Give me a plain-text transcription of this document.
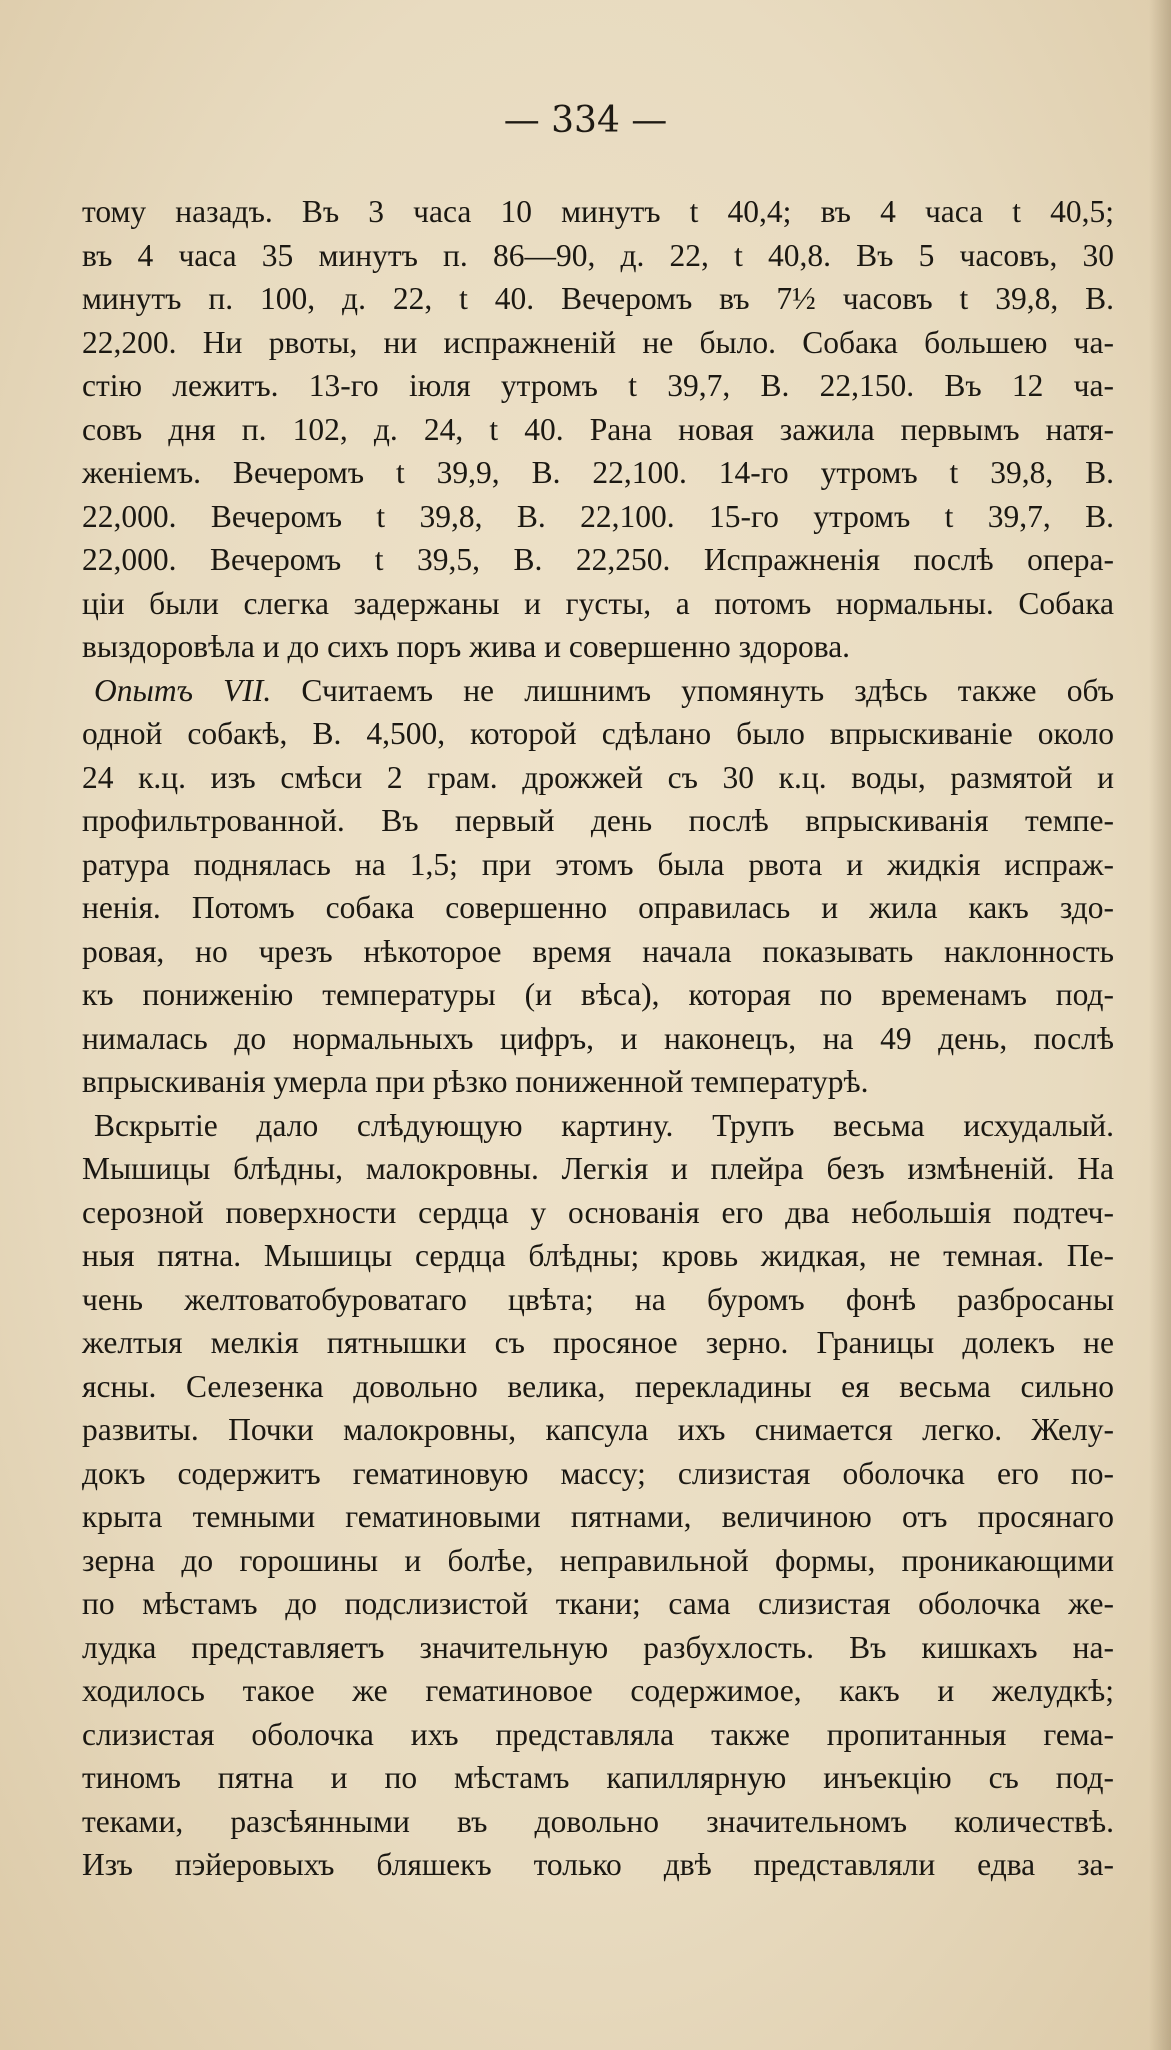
— 334 —
тому назадъ. Въ 3 часа 10 минутъ t 40,4; въ 4 часа t 40,5;
въ 4 часа 35 минутъ п. 86—90, д. 22, t 40,8. Въ 5 часовъ, 30
минутъ п. 100, д. 22, t 40. Вечеромъ въ 7½ часовъ t 39,8, В.
22,200. Ни рвоты, ни испражненій не было. Собака большею ча-
стію лежитъ. 13-го іюля утромъ t 39,7, В. 22,150. Въ 12 ча-
совъ дня п. 102, д. 24, t 40. Рана новая зажила первымъ натя-
женіемъ. Вечеромъ t 39,9, В. 22,100. 14-го утромъ t 39,8, В.
22,000. Вечеромъ t 39,8, В. 22,100. 15-го утромъ t 39,7, В.
22,000. Вечеромъ t 39,5, В. 22,250. Испражненія послѣ опера-
ціи были слегка задержаны и густы, а потомъ нормальны. Собака
выздоровѣла и до сихъ поръ жива и совершенно здорова.
Опытъ VII. Считаемъ не лишнимъ упомянуть здѣсь также объ
одной собакѣ, В. 4,500, которой сдѣлано было впрыскиваніе около
24 к.ц. изъ смѣси 2 грам. дрожжей съ 30 к.ц. воды, размятой и
профильтрованной. Въ первый день послѣ впрыскиванія темпе-
ратура поднялась на 1,5; при этомъ была рвота и жидкія испраж-
ненія. Потомъ собака совершенно оправилась и жила какъ здо-
ровая, но чрезъ нѣкоторое время начала показывать наклонность
къ пониженію температуры (и вѣса), которая по временамъ под-
нималась до нормальныхъ цифръ, и наконецъ, на 49 день, послѣ
впрыскиванія умерла при рѣзко пониженной температурѣ.
Вскрытіе дало слѣдующую картину. Трупъ весьма исхудалый.
Мышицы блѣдны, малокровны. Легкія и плейра безъ измѣненій. На
серозной поверхности сердца у основанія его два небольшія подтеч-
ныя пятна. Мышицы сердца блѣдны; кровь жидкая, не темная. Пе-
чень желтоватобуроватаго цвѣта; на буромъ фонѣ разбросаны
желтыя мелкія пятнышки съ просяное зерно. Границы долекъ не
ясны. Селезенка довольно велика, перекладины ея весьма сильно
развиты. Почки малокровны, капсула ихъ снимается легко. Желу-
докъ содержитъ гематиновую массу; слизистая оболочка его по-
крыта темными гематиновыми пятнами, величиною отъ просянаго
зерна до горошины и болѣе, неправильной формы, проникающими
по мѣстамъ до подслизистой ткани; сама слизистая оболочка же-
лудка представляетъ значительную разбухлость. Въ кишкахъ на-
ходилось такое же гематиновое содержимое, какъ и желудкѣ;
слизистая оболочка ихъ представляла также пропитанныя гема-
тиномъ пятна и по мѣстамъ капиллярную инъекцію съ под-
теками, разсѣянными въ довольно значительномъ количествѣ.
Изъ пэйеровыхъ бляшекъ только двѣ представляли едва за-
